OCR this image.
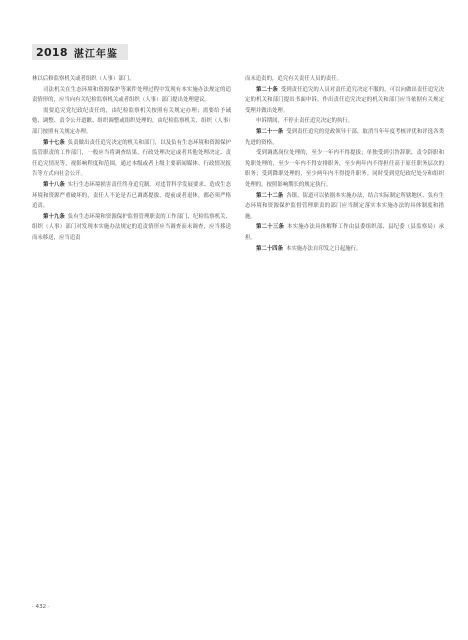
2018 湛江年鉴

林以后修监察机关或者组织（人事）部门。

司法机关在生态环境和资源保护等案件处理过程中发现有本实施办法规定的追责情形的，应当向有关纪检监察机关或者组织（人事）部门提出处理建议。

需要追究党纪政纪责任的，由纪检监察机关按照有关规定办理；需要给予诫勉、调整、责令公开道歉、组织调整或组织处理的，由纪检监察机关、组织（人事）部门按照有关规定办理。

第十七条 负责做出责任追究决定的机关和部门，以及负有生态环境和资源保护监管职责的工作部门，一般应当将调查结果、行政处理决定或者其他处理决定、责任追究情况等，视影响程度和范围，通过本级或者上级主要新闻媒体、行政情况报告等方式向社会公开。

第十八条 实行生态环境损害责任终身追究制。对违背科学发展要求、造成生态环境和资源严重破坏的，责任人不论是否已调离提拔、提前或者退休，都必须严格追责。

第十九条 负有生态环境和资源保护监督管理职责的工作部门、纪检监察机关、组织（人事）部门对发现本实施办法规定的追责情形应当调查而未调查，应当移送而未移送，应当追责

而未追责的，追究有关责任人员的责任。

第二十条 受到责任追究的人员对责任追究决定不服的，可以向做出责任追究决定的机关和部门提出书面申诉。作出责任追究决定的机关和部门应当依据有关规定受理并做出处理。

申诉期间，不停止责任追究决定的执行。

第二十一条 受到责任追究的党政领导干部，取消当年年度考核评优和评选各类先进的资格。

受到调离岗位处理的，至少一年内不得提拔；单独受到引咎辞职、责令辞职和免职处理的，至少一年内不得安排职务，至少两年内不得担任高于原任职务层次的职务；受到降职处理的，至少两年内不得提升职务。同时受到党纪政纪处分和组织处理的，按照影响期长的规定执行。

第二十二条 各镇、街道可以依据本实施办法，结合实际制定所辖地区、负有生态环境和资源保护监督管理职责的部门应当制定落实本实施办法的具体制度和措施。

第二十三条 本实施办法具体解释工作由县委组织部、县纪委（县监察局）承担。

第二十四条 本实施办法自印发之日起施行。

· 432 ·
